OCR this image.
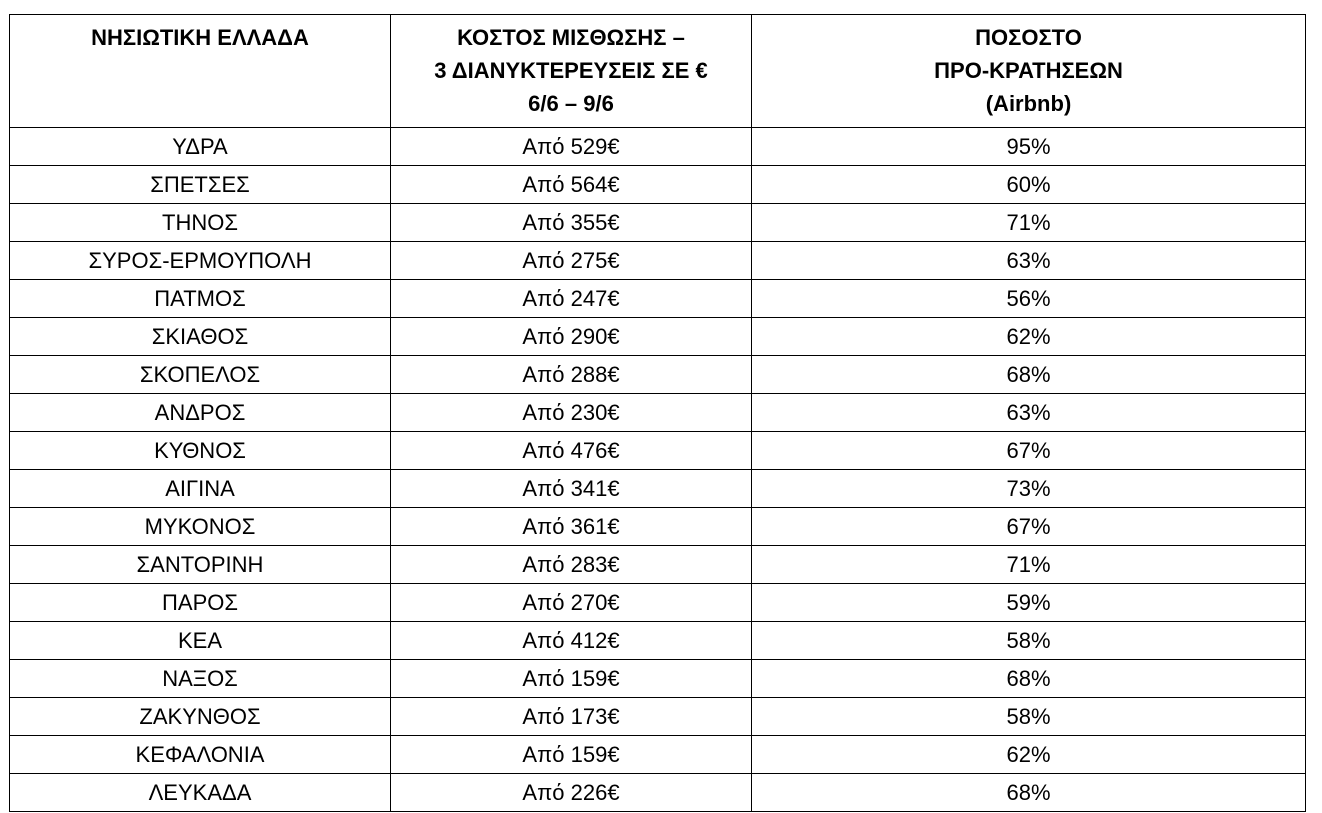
ΝΗΣΙΩΤΙΚΗ ΕΛΛΑΔΑ	ΚΟΣΤΟΣ ΜΙΣΘΩΣΗΣ –
3 ΔΙΑΝΥΚΤΕΡΕΥΣΕΙΣ ΣΕ €
6/6 – 9/6	ΠΟΣΟΣΤΟ
ΠΡΟ-ΚΡΑΤΗΣΕΩΝ
(Airbnb)

ΥΔΡΑ	Από 529€	95%
ΣΠΕΤΣΕΣ	Από 564€	60%
ΤΗΝΟΣ	Από 355€	71%
ΣΥΡΟΣ-ΕΡΜΟΥΠΟΛΗ	Από 275€	63%
ΠΑΤΜΟΣ	Από 247€	56%
ΣΚΙΑΘΟΣ	Από 290€	62%
ΣΚΟΠΕΛΟΣ	Από 288€	68%
ΑΝΔΡΟΣ	Από 230€	63%
ΚΥΘΝΟΣ	Από 476€	67%
ΑΙΓΙΝΑ	Από 341€	73%
ΜΥΚΟΝΟΣ	Από 361€	67%
ΣΑΝΤΟΡΙΝΗ	Από 283€	71%
ΠΑΡΟΣ	Από 270€	59%
ΚΕΑ	Από 412€	58%
ΝΑΞΟΣ	Από 159€	68%
ΖΑΚΥΝΘΟΣ	Από 173€	58%
ΚΕΦΑΛΟΝΙΑ	Από 159€	62%
ΛΕΥΚΑΔΑ	Από 226€	68%
